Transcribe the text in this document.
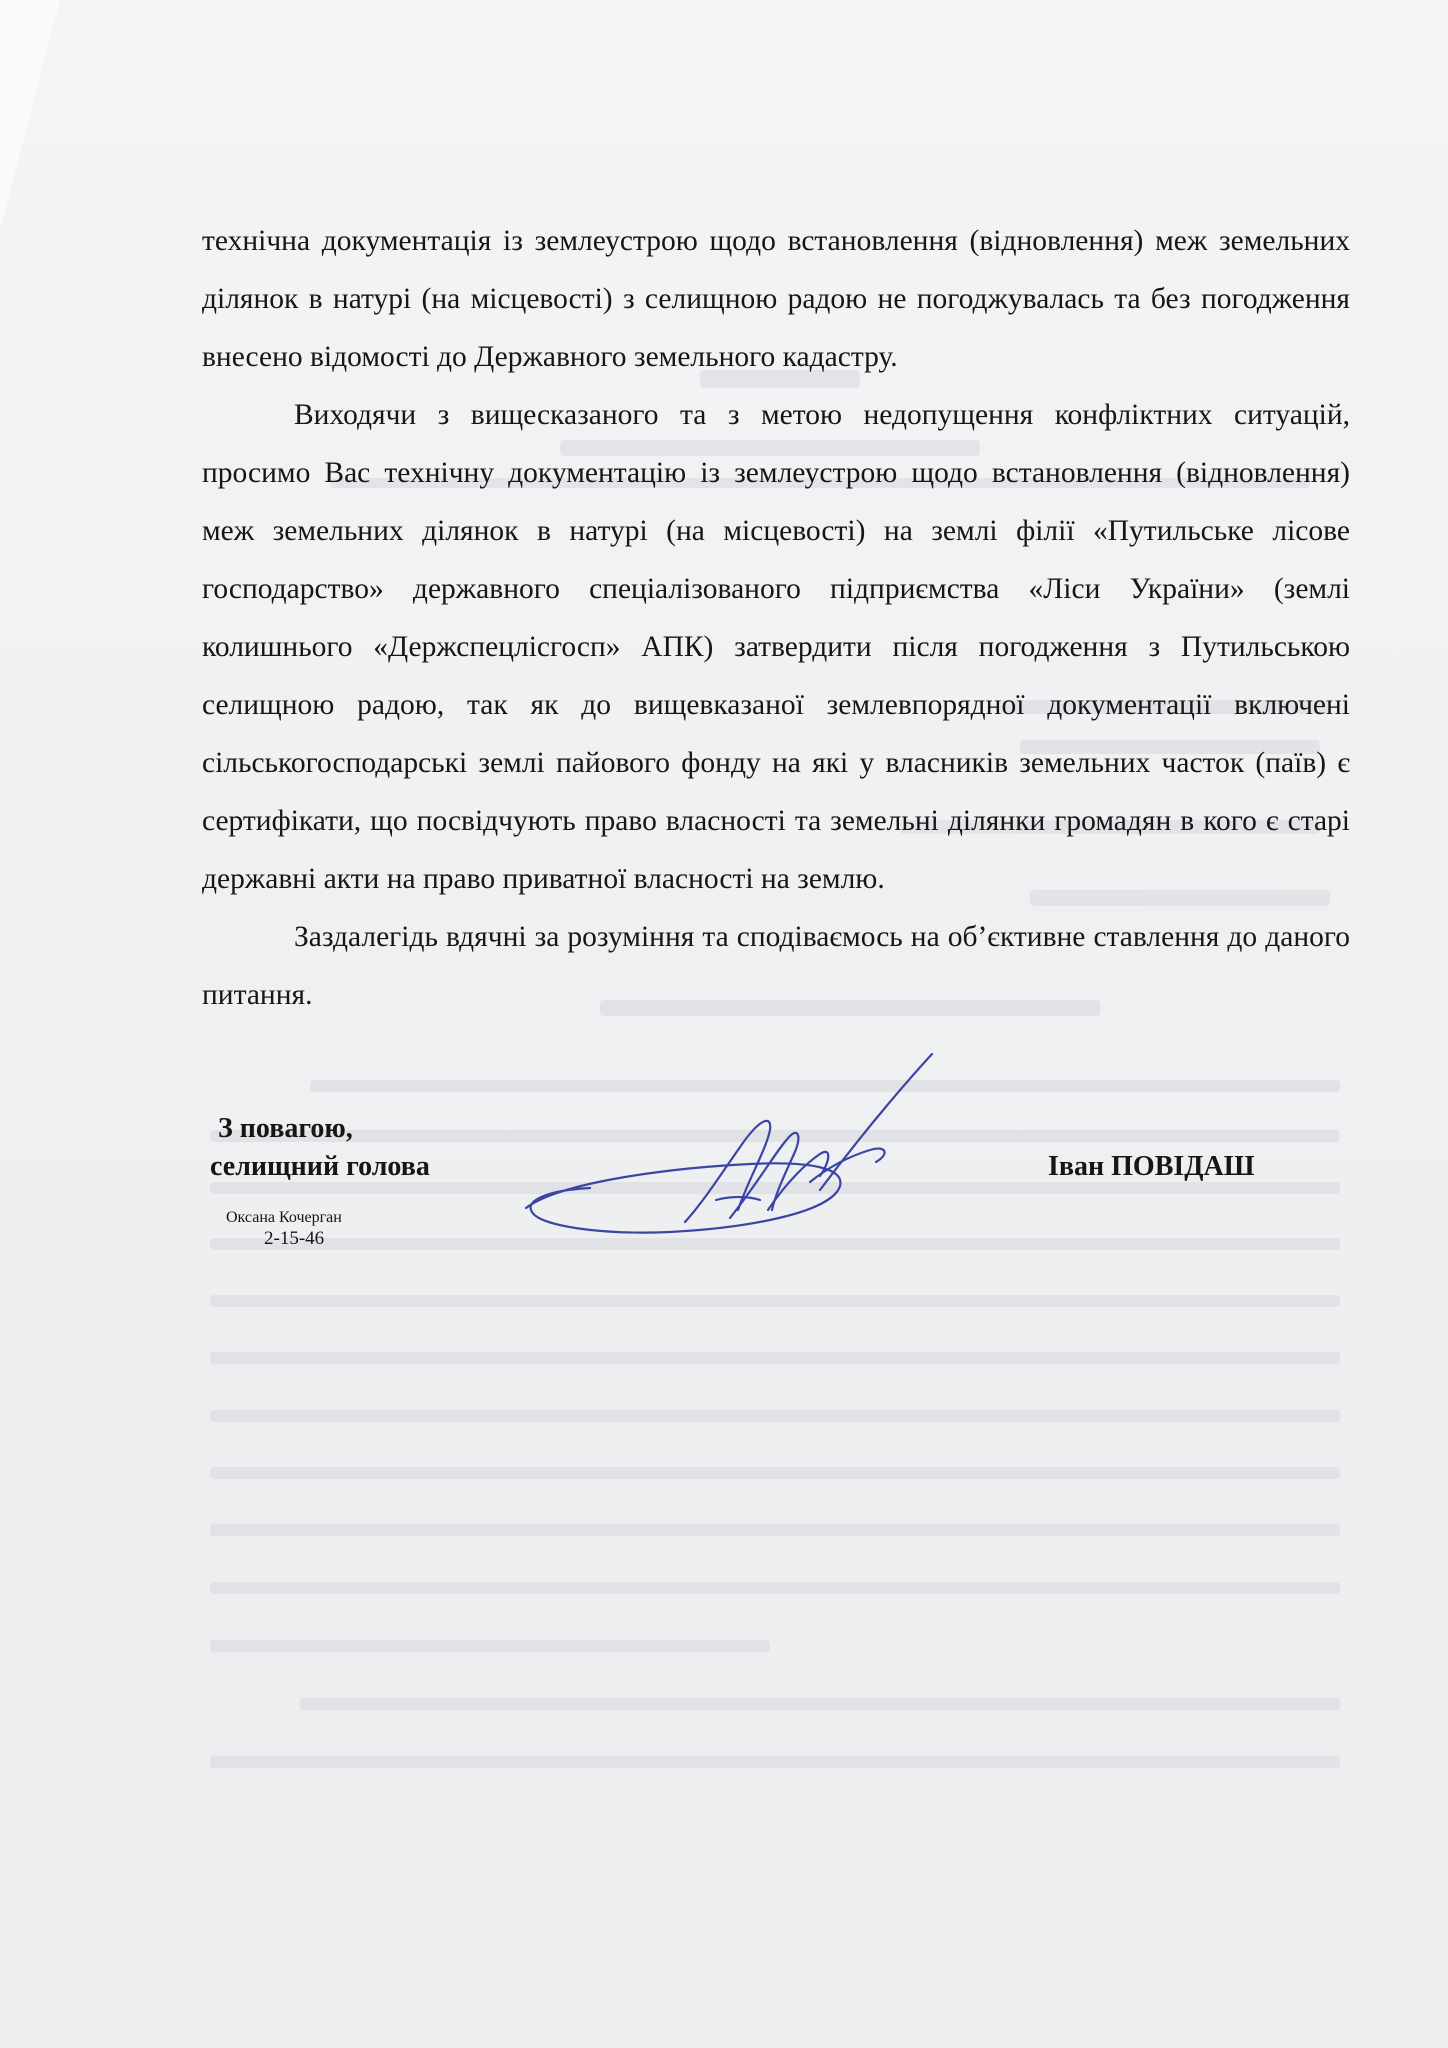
технічна документація із землеустрою щодо встановлення (відновлення) меж земельних ділянок в натурі (на місцевості) з селищною радою не погоджувалась та без погодження внесено відомості до Державного земельного кадастру.

Виходячи з вищесказаного та з метою недопущення конфліктних ситуацій, просимо Вас технічну документацію із землеустрою щодо встановлення (відновлення) меж земельних ділянок в натурі (на місцевості) на землі філії «Путильське лісове господарство» державного спеціалізованого підприємства «Ліси України» (землі колишнього «Держспецлісгосп» АПК) затвердити після погодження з Путильською селищною радою, так як до вищевказаної землевпорядної документації включені сільськогосподарські землі пайового фонду на які у власників земельних часток (паїв) є сертифікати, що посвідчують право власності та земельні ділянки громадян в кого є старі державні акти на право приватної власності на землю.

Заздалегідь вдячні за розуміння та сподіваємось на об’єктивне ставлення до даного питання.

З повагою,
селищний голова	Іван ПОВІДАШ
Оксана Кочерган
2-15-46
